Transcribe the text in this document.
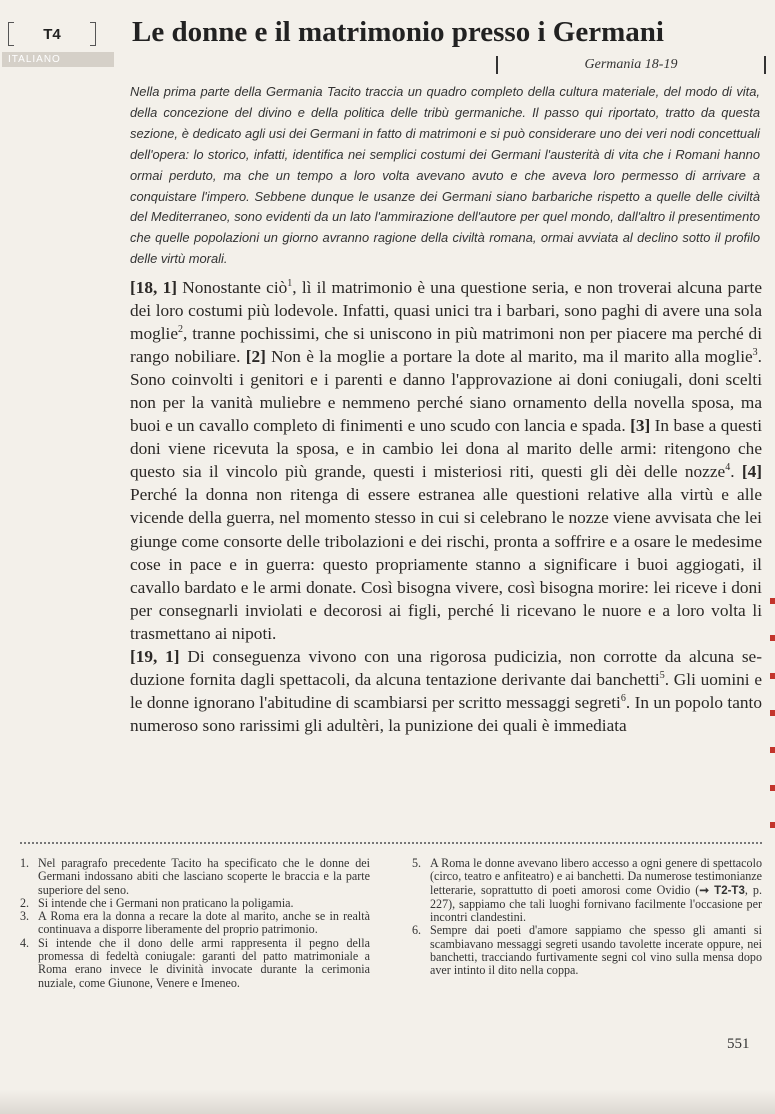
T4
ITALIANO
Le donne e il matrimonio presso i Germani
Germania 18-19

Nella prima parte della Germania Tacito traccia un quadro completo della cultura materiale, del modo di vita, della concezione del divino e della politica delle tribù germaniche. Il passo qui riportato, tratto da questa sezione, è dedicato agli usi dei Germani in fatto di matrimoni e si può considerare uno dei veri nodi concettuali dell'opera: lo storico, infatti, identifica nei semplici costumi dei Germani l'austerità di vita che i Romani hanno ormai perduto, ma che un tempo a loro volta avevano avuto e che aveva loro permesso di arrivare a conquistare l'impero. Sebbene dunque le usanze dei Germani siano barbariche rispetto a quelle delle civiltà del Mediterraneo, sono evidenti da un lato l'ammirazione dell'autore per quel mondo, dall'altro il presentimento che quelle popolazioni un giorno avranno ragione della civiltà romana, ormai avviata al declino sotto il profilo delle virtù morali.

[18, 1] Nonostante ciò$^1$, lì il matrimonio è una questione seria, e non troverai alcuna parte dei loro costumi più lodevole. Infatti, quasi unici tra i barbari, sono paghi di avere una sola moglie$^2$, tranne pochissimi, che si uniscono in più matrimoni non per piacere ma perché di rango nobiliare. [2] Non è la moglie a portare la dote al marito, ma il marito alla moglie$^3$. Sono coinvolti i genitori e i parenti e danno l'approvazione ai doni coniugali, doni scelti non per la vanità muliebre e nemmeno perché siano ornamento della novella sposa, ma buoi e un cavallo completo di finimenti e uno scudo con lancia e spada. [3] In base a questi doni viene ricevuta la sposa, e in cambio lei dona al marito delle armi: ritengono che questo sia il vincolo più grande, questi i misteriosi riti, questi gli dèi delle nozze$^4$. [4] Perché la donna non ritenga di essere estranea alle questioni relative alla virtù e alle vicende della guerra, nel momento stesso in cui si celebrano le nozze viene avvisata che lei giunge come consorte delle tribolazioni e dei rischi, pronta a soffrire e a osare le medesime cose in pace e in guerra: questo propriamente stanno a significare i buoi aggiogati, il cavallo bardato e le armi donate. Così bisogna vivere, così bisogna morire: lei riceve i doni per consegnarli inviolati e decorosi ai figli, perché li ricevano le nuore e a loro volta li trasmettano ai nipoti.
[19, 1] Di conseguenza vivono con una rigorosa pudicizia, non corrotte da alcuna seduzione fornita dagli spettacoli, da alcuna tentazione derivante dai banchetti$^5$. Gli uomini e le donne ignorano l'abitudine di scambiarsi per scritto messaggi segreti$^6$. In un popolo tanto numeroso sono rarissimi gli adultèri, la punizione dei quali è immediata
1. Nel paragrafo precedente Tacito ha specificato che le donne dei Germani indossano abiti che lasciano scoperte le braccia e la parte superiore del seno.
2. Si intende che i Germani non praticano la poligamia.
3. A Roma era la donna a recare la dote al marito, anche se in realtà continuava a disporre liberamente del proprio patrimonio.
4. Si intende che il dono delle armi rappresenta il pegno della promessa di fedeltà coniugale: garanti del patto matrimoniale a Roma erano invece le divinità invocate durante la cerimonia nuziale, come Giunone, Venere e Imeneo.
5. A Roma le donne avevano libero accesso a ogni genere di spettacolo (circo, teatro e anfiteatro) e ai banchetti. Da numerose testimonianze letterarie, soprattutto di poeti amorosi come Ovidio (➞ T2-T3, p. 227), sappiamo che tali luoghi fornivano facilmente l'occasione per incontri clandestini.
6. Sempre dai poeti d'amore sappiamo che spesso gli amanti si scambiavano messaggi segreti usando tavolette incerate oppure, nei banchetti, tracciando furtivamente segni col vino sulla mensa dopo aver intinto il dito nella coppa.
551
